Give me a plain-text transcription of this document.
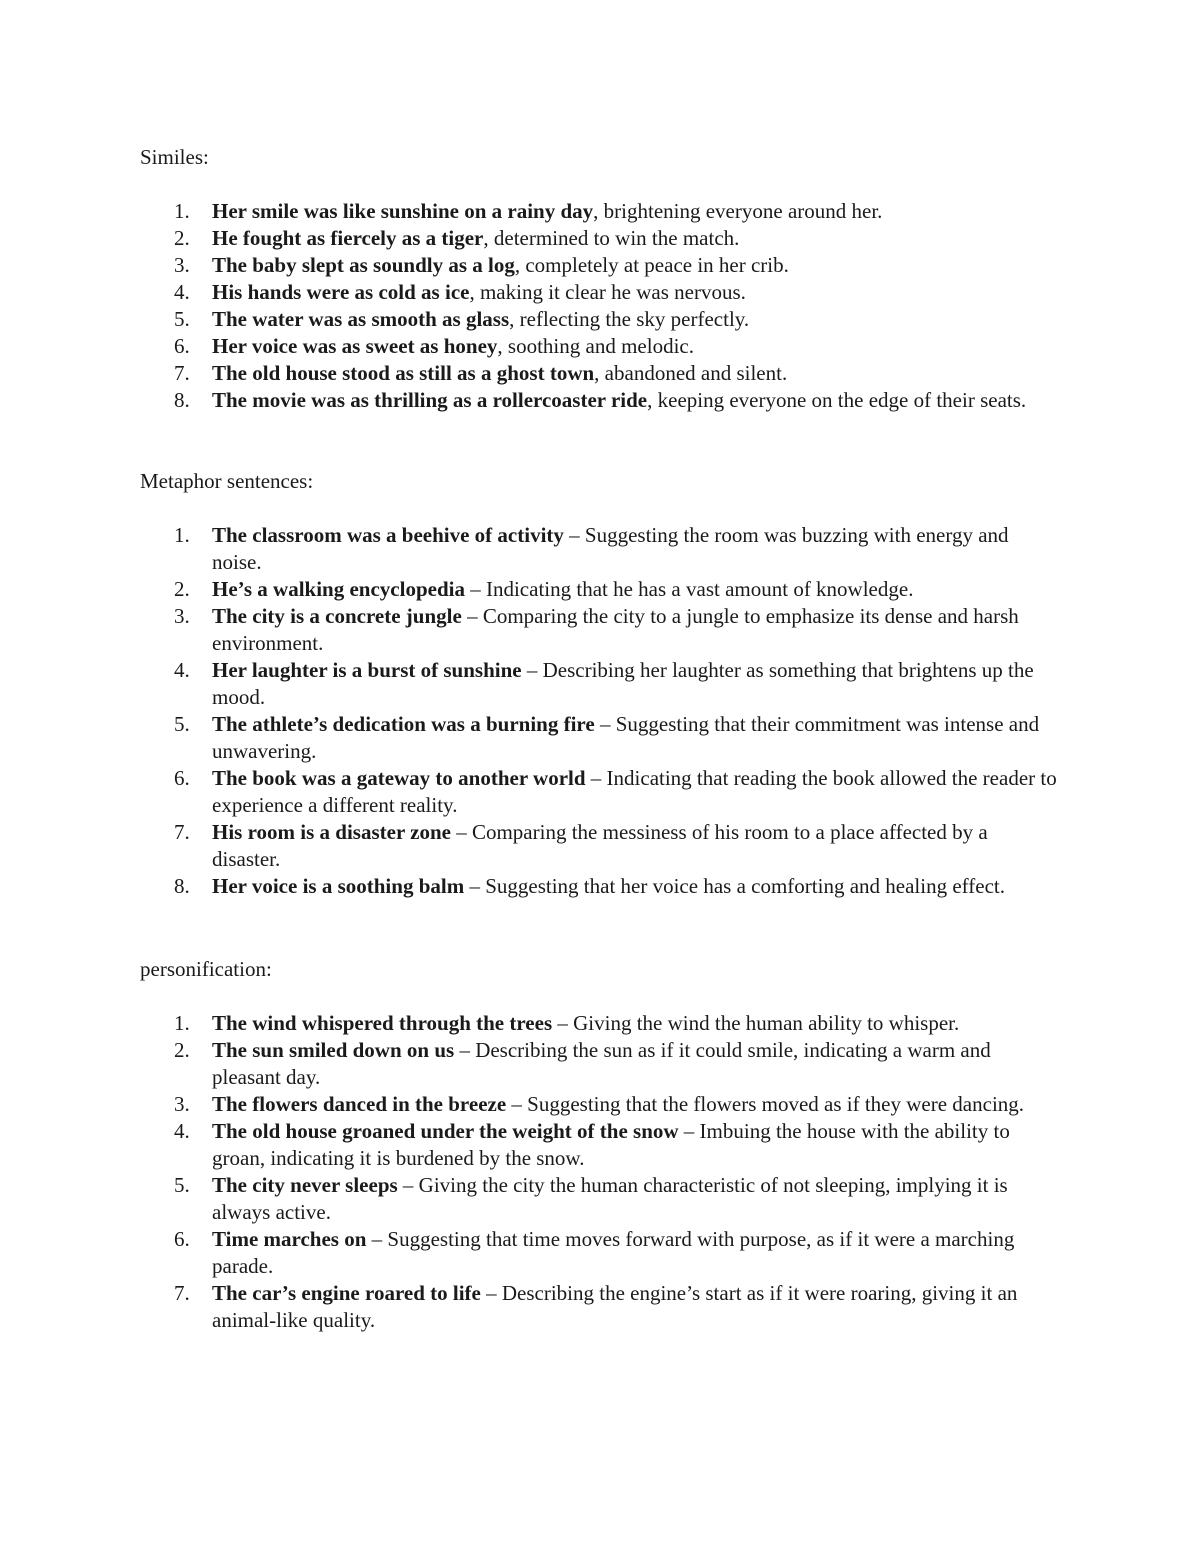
Similes:

1.	Her smile was like sunshine on a rainy day, brightening everyone around her.
2.	He fought as fiercely as a tiger, determined to win the match.
3.	The baby slept as soundly as a log, completely at peace in her crib.
4.	His hands were as cold as ice, making it clear he was nervous.
5.	The water was as smooth as glass, reflecting the sky perfectly.
6.	Her voice was as sweet as honey, soothing and melodic.
7.	The old house stood as still as a ghost town, abandoned and silent.
8.	The movie was as thrilling as a rollercoaster ride, keeping everyone on the edge of their seats.

Metaphor sentences:

1.	The classroom was a beehive of activity – Suggesting the room was buzzing with energy and noise.
2.	He’s a walking encyclopedia – Indicating that he has a vast amount of knowledge.
3.	The city is a concrete jungle – Comparing the city to a jungle to emphasize its dense and harsh environment.
4.	Her laughter is a burst of sunshine – Describing her laughter as something that brightens up the mood.
5.	The athlete’s dedication was a burning fire – Suggesting that their commitment was intense and unwavering.
6.	The book was a gateway to another world – Indicating that reading the book allowed the reader to experience a different reality.
7.	His room is a disaster zone – Comparing the messiness of his room to a place affected by a disaster.
8.	Her voice is a soothing balm – Suggesting that her voice has a comforting and healing effect.

personification:

1.	The wind whispered through the trees – Giving the wind the human ability to whisper.
2.	The sun smiled down on us – Describing the sun as if it could smile, indicating a warm and pleasant day.
3.	The flowers danced in the breeze – Suggesting that the flowers moved as if they were dancing.
4.	The old house groaned under the weight of the snow – Imbuing the house with the ability to groan, indicating it is burdened by the snow.
5.	The city never sleeps – Giving the city the human characteristic of not sleeping, implying it is always active.
6.	Time marches on – Suggesting that time moves forward with purpose, as if it were a marching parade.
7.	The car’s engine roared to life – Describing the engine’s start as if it were roaring, giving it an animal-like quality.
